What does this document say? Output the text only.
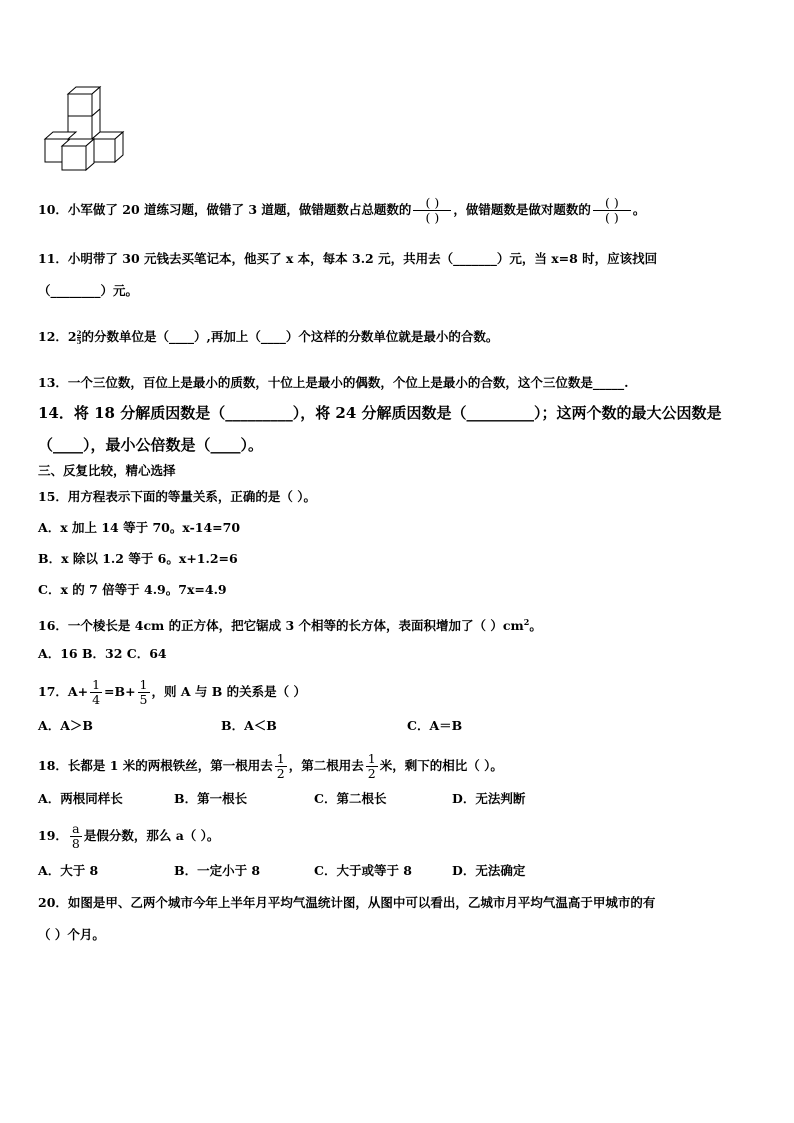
10．小军做了 20 道练习题，做错了 3 道题，做错题数占总题数的 $\frac{( )}{( )}$ ，做错题数是做对题数的 $\frac{( )}{( )}$ 。
11．小明带了 30 元钱去买笔记本，他买了 x 本，每本 3.2 元，共用去（_______）元，当 x=8 时，应该找回
（________）元。
12．$2 \frac{2}{5}$ 的分数单位是（____）,再加上（____）个这样的分数单位就是最小的合数。
13．一个三位数，百位上是最小的质数，十位上是最小的偶数，个位上是最小的合数，这个三位数是_____.
14．将 18 分解质因数是（_________），将 24 分解质因数是（_________）；这两个数的最大公因数是
（____），最小公倍数是（____）。
三、反复比较，精心选择
15．用方程表示下面的等量关系，正确的是（ ）。
A．x 加上 14 等于 70。x-14=70
B．x 除以 1.2 等于 6。x+1.2=6
C．x 的 7 倍等于 4.9。7x=4.9
16．一个棱长是 4cm 的正方体，把它锯成 3 个相等的长方体，表面积增加了（ ）$cm^2$。
A．16 B．32 C．64
17．$A+ \frac{1}{4} =B+ \frac{1}{5}$ ，则 A 与 B 的关系是（ ）
A．A＞B	B．A＜B	C．A＝B
18．长都是 1 米的两根铁丝，第一根用去 $\frac{1}{2}$ ，第二根用去 $\frac{1}{2}$ 米，剩下的相比（ ）。
A．两根同样长	B．第一根长	C．第二根长	D．无法判断
19． $\frac{a}{8}$ 是假分数，那么 a（ ）。
A．大于 8	B．一定小于 8	C．大于或等于 8	D．无法确定
20．如图是甲、乙两个城市今年上半年月平均气温统计图，从图中可以看出，乙城市月平均气温高于甲城市的有
（ ）个月。
